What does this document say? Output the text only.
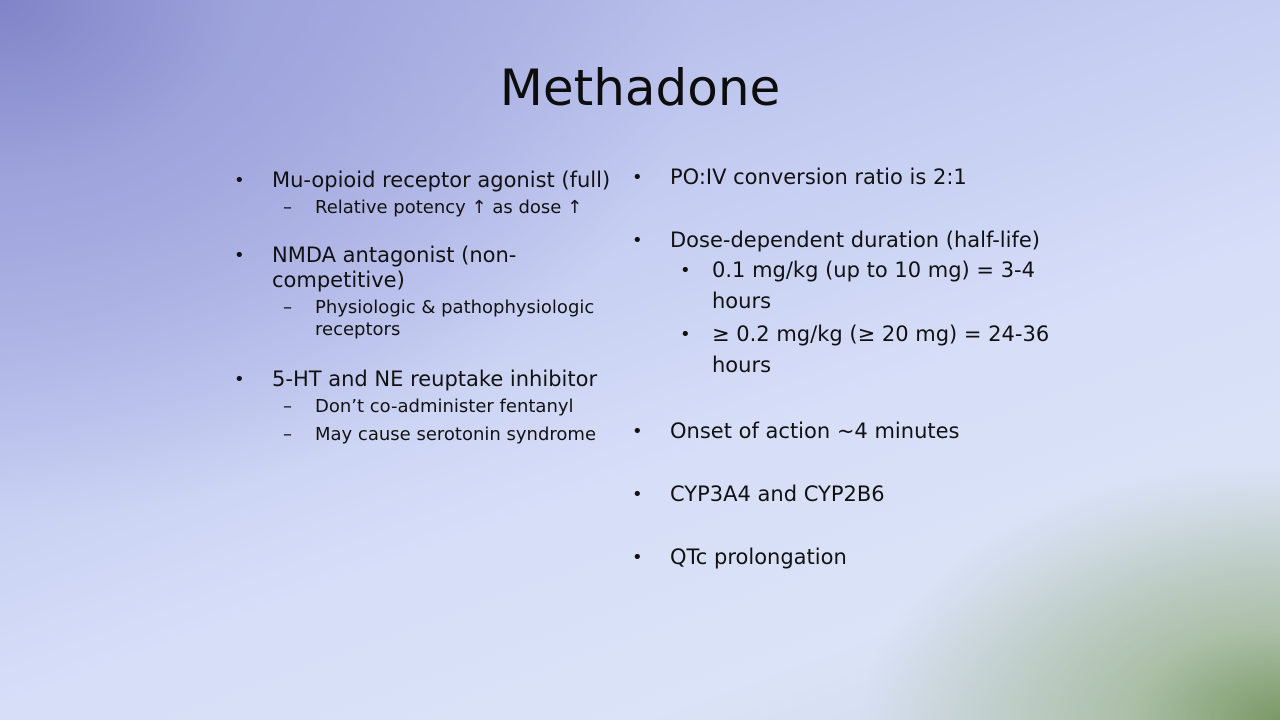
Methadone
• Mu-opioid receptor agonist (full)
– Relative potency ↑ as dose ↑
• NMDA antagonist (non-competitive)
– Physiologic & pathophysiologic receptors
• 5-HT and NE reuptake inhibitor
– Don’t co-administer fentanyl
– May cause serotonin syndrome
• PO:IV conversion ratio is 2:1
• Dose-dependent duration (half-life)
• 0.1 mg/kg (up to 10 mg) = 3-4 hours
• ≥ 0.2 mg/kg (≥ 20 mg) = 24-36 hours
• Onset of action ~4 minutes
• CYP3A4 and CYP2B6
• QTc prolongation
